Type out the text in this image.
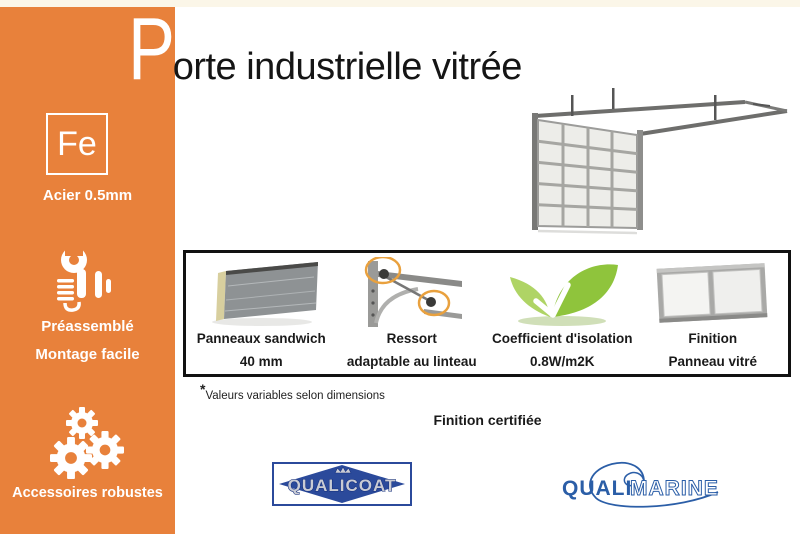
Fe
Acier 0.5mm
Préassemblé
Montage facile
Accessoires robustes
Porte industrielle vitrée
Panneaux sandwich
40 mm
Ressort
adaptable au linteau
Coefficient d'isolation
0.8W/m2K
Finition
Panneau vitré
*Valeurs variables selon dimensions
Finition certifiée
QUALICOAT	QUALI
MARINE
